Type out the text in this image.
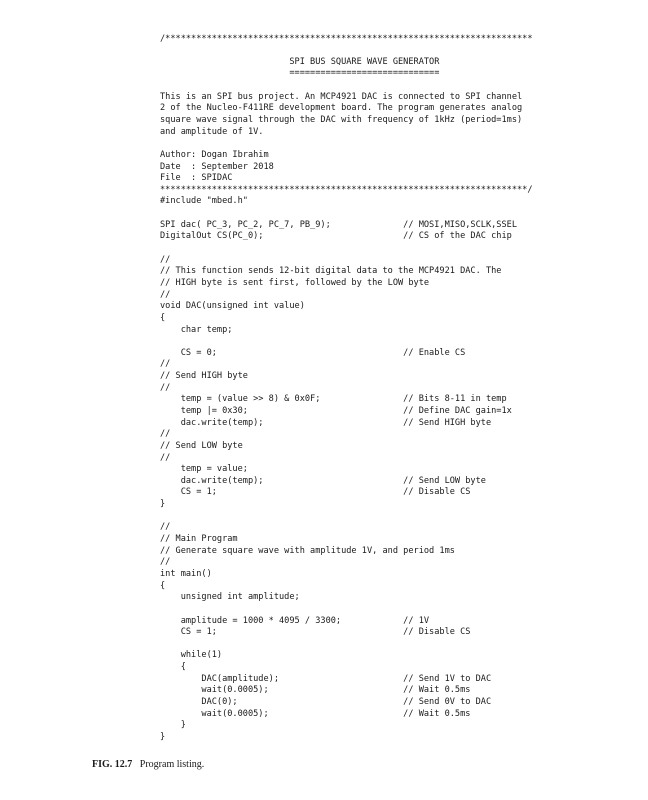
/***********************************************************************
SPI BUS SQUARE WAVE GENERATOR
=============================
This is an SPI bus project. An MCP4921 DAC is connected to SPI channel
2 of the Nucleo-F411RE development board. The program generates analog
square wave signal through the DAC with frequency of 1kHz (period=1ms)
and amplitude of 1V.
Author: Dogan Ibrahim
Date  : September 2018
File  : SPIDAC
***********************************************************************/
#include "mbed.h"
SPI dac( PC_3, PC_2, PC_7, PB_9);              // MOSI,MISO,SCLK,SSEL
DigitalOut CS(PC_0);                           // CS of the DAC chip
//
// This function sends 12-bit digital data to the MCP4921 DAC. The
// HIGH byte is sent first, followed by the LOW byte
//
void DAC(unsigned int value)
{
char temp;
CS = 0;                                    // Enable CS
//
// Send HIGH byte
//
temp = (value >> 8) & 0x0F;                // Bits 8-11 in temp
temp |= 0x30;                              // Define DAC gain=1x
dac.write(temp);                           // Send HIGH byte
//
// Send LOW byte
//
temp = value;
dac.write(temp);                           // Send LOW byte
CS = 1;                                    // Disable CS
}
//
// Main Program
// Generate square wave with amplitude 1V, and period 1ms
//
int main()
{
unsigned int amplitude;
amplitude = 1000 * 4095 / 3300;            // 1V
CS = 1;                                    // Disable CS
while(1)
{
DAC(amplitude);                        // Send 1V to DAC
wait(0.0005);                          // Wait 0.5ms
DAC(0);                                // Send 0V to DAC
wait(0.0005);                          // Wait 0.5ms
}
}
FIG. 12.7 Program listing.
